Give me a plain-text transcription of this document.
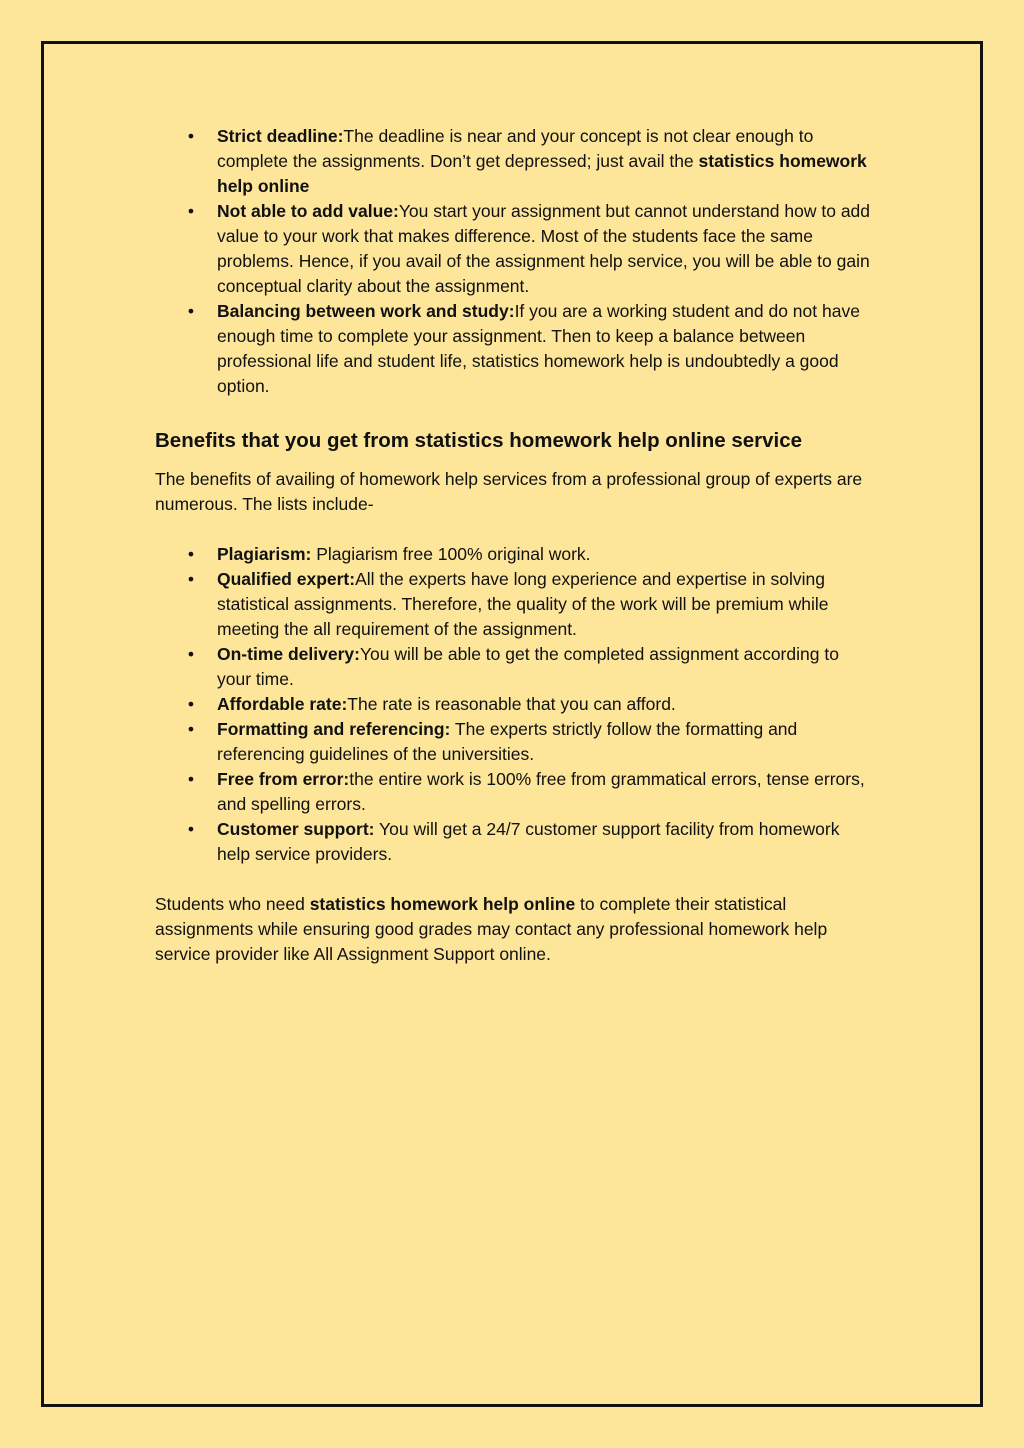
• Strict deadline:The deadline is near and your concept is not clear enough to complete the assignments. Don’t get depressed; just avail the statistics homework help online
• Not able to add value:You start your assignment but cannot understand how to add value to your work that makes difference. Most of the students face the same problems. Hence, if you avail of the assignment help service, you will be able to gain conceptual clarity about the assignment.
• Balancing between work and study:If you are a working student and do not have enough time to complete your assignment. Then to keep a balance between professional life and student life, statistics homework help is undoubtedly a good option.
Benefits that you get from statistics homework help online service

The benefits of availing of homework help services from a professional group of experts are numerous. The lists include-

• Plagiarism: Plagiarism free 100% original work.
• Qualified expert:All the experts have long experience and expertise in solving statistical assignments. Therefore, the quality of the work will be premium while meeting the all requirement of the assignment.
• On-time delivery:You will be able to get the completed assignment according to your time.
• Affordable rate:The rate is reasonable that you can afford.
• Formatting and referencing: The experts strictly follow the formatting and referencing guidelines of the universities.
• Free from error:the entire work is 100% free from grammatical errors, tense errors, and spelling errors.
• Customer support: You will get a 24/7 customer support facility from homework help service providers.

Students who need statistics homework help online to complete their statistical assignments while ensuring good grades may contact any professional homework help service provider like All Assignment Support online.
